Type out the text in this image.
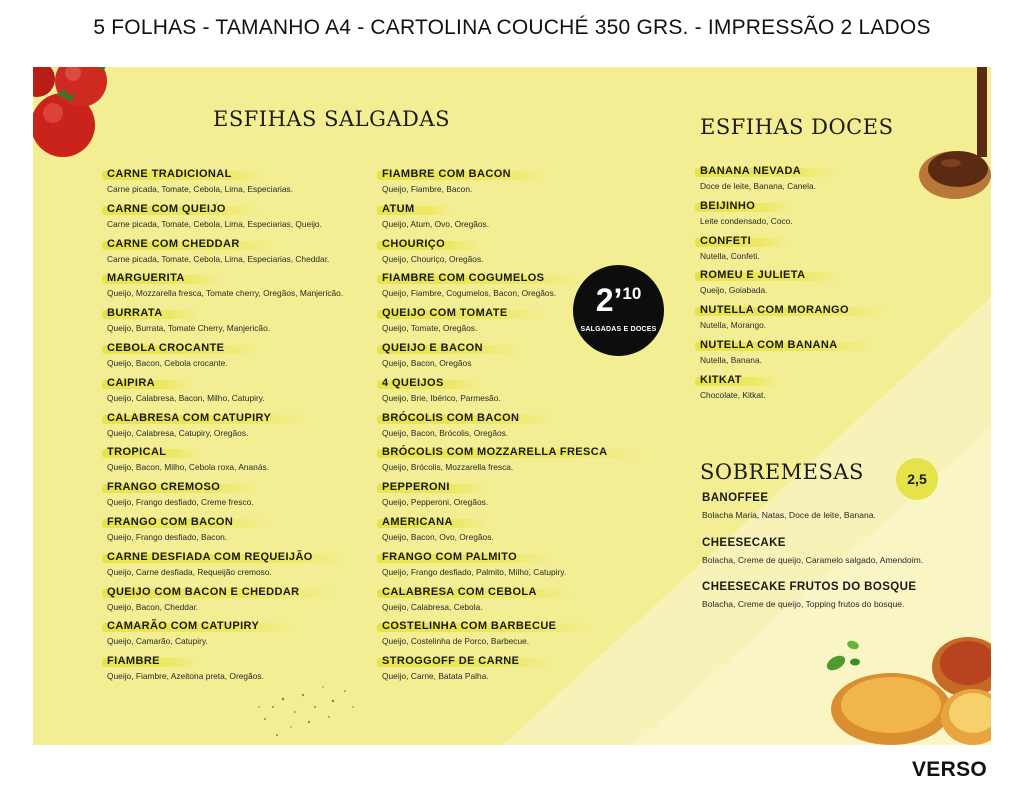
5 FOLHAS - TAMANHO A4 - CARTOLINA COUCHÉ 350 GRS. - IMPRESSÃO 2 LADOS
ESFIHAS SALGADAS	ESFIHAS DOCES
CARNE TRADICIONAL
Carne picada, Tomate, Cebola, Lima, Especiarias.
CARNE COM QUEIJO
Carne picada, Tomate, Cebola, Lima, Especiarias, Queijo.
CARNE COM CHEDDAR
Carne picada, Tomate, Cebola, Lima, Especiarias, Cheddar.
MARGUERITA
Queijo, Mozzarella fresca, Tomate cherry, Oregãos, Manjericão.
BURRATA
Queijo, Burrata, Tomate Cherry, Manjericão.
CEBOLA CROCANTE
Queijo, Bacon, Cebola crocante.
CAIPIRA
Queijo, Calabresa, Bacon, Milho, Catupiry.
CALABRESA COM CATUPIRY
Queijo, Calabresa, Catupiry, Oregãos.
TROPICAL
Queijo, Bacon, Milho, Cebola roxa, Ananás.
FRANGO CREMOSO
Queijo, Frango desfiado, Creme fresco.
FRANGO COM BACON
Queijo, Frango desfiado, Bacon.
CARNE DESFIADA COM REQUEIJÃO
Queijo, Carne desfiada, Requeijão cremoso.
QUEIJO COM BACON E CHEDDAR
Queijo, Bacon, Cheddar.
CAMARÃO COM CATUPIRY
Queijo, Camarão, Catupiry.
FIAMBRE
Queijo, Fiambre, Azeitona preta, Oregãos.
FIAMBRE COM BACON
Queijo, Fiambre, Bacon.
ATUM
Queijo, Atum, Ovo, Oregãos.
CHOURIÇO
Queijo, Chouriço, Oregãos.
FIAMBRE COM COGUMELOS
Queijo, Fiambre, Cogumelos, Bacon, Oregãos.
QUEIJO COM TOMATE
Queijo, Tomate, Oregãos.
QUEIJO E BACON
Queijo, Bacon, Oregãos
4 QUEIJOS
Queijo, Brie, Ibérico, Parmesão.
BRÓCOLIS COM BACON
Queijo, Bacon, Brócolis, Oregãos.
BRÓCOLIS COM MOZZARELLA FRESCA
Queijo, Brócolis, Mozzarella fresca.
PEPPERONI
Queijo, Pepperoni, Oregãos.
AMERICANA
Queijo, Bacon, Ovo, Oregãos.
FRANGO COM PALMITO
Queijo, Frango desfiado, Palmito, Milho, Catupiry.
CALABRESA COM CEBOLA
Queijo, Calabresa, Cebola.
COSTELINHA COM BARBECUE
Queijo, Costelinha de Porco, Barbecue.
STROGGOFF DE CARNE
Queijo, Carne, Batata Palha.
BANANA NEVADA
Doce de leite, Banana, Canela.
BEIJINHO
Leite condensado, Coco.
CONFETI
Nutella, Confeti.
ROMEU E JULIETA
Queijo, Goiabada.
NUTELLA COM MORANGO
Nutella, Morango.
NUTELLA COM BANANA
Nutella, Banana.
KITKAT
Chocolate, Kitkat.
SOBREMESAS
BANOFFEE
Bolacha Maria, Natas, Doce de leite, Banana.
CHEESECAKE
Bolacha, Creme de queijo, Caramelo salgado, Amendoim.
CHEESECAKE FRUTOS DO BOSQUE
Bolacha, Creme de queijo, Topping frutos do bosque.
2’$^{10}$
SALGADAS E DOCES
2,5
VERSO
